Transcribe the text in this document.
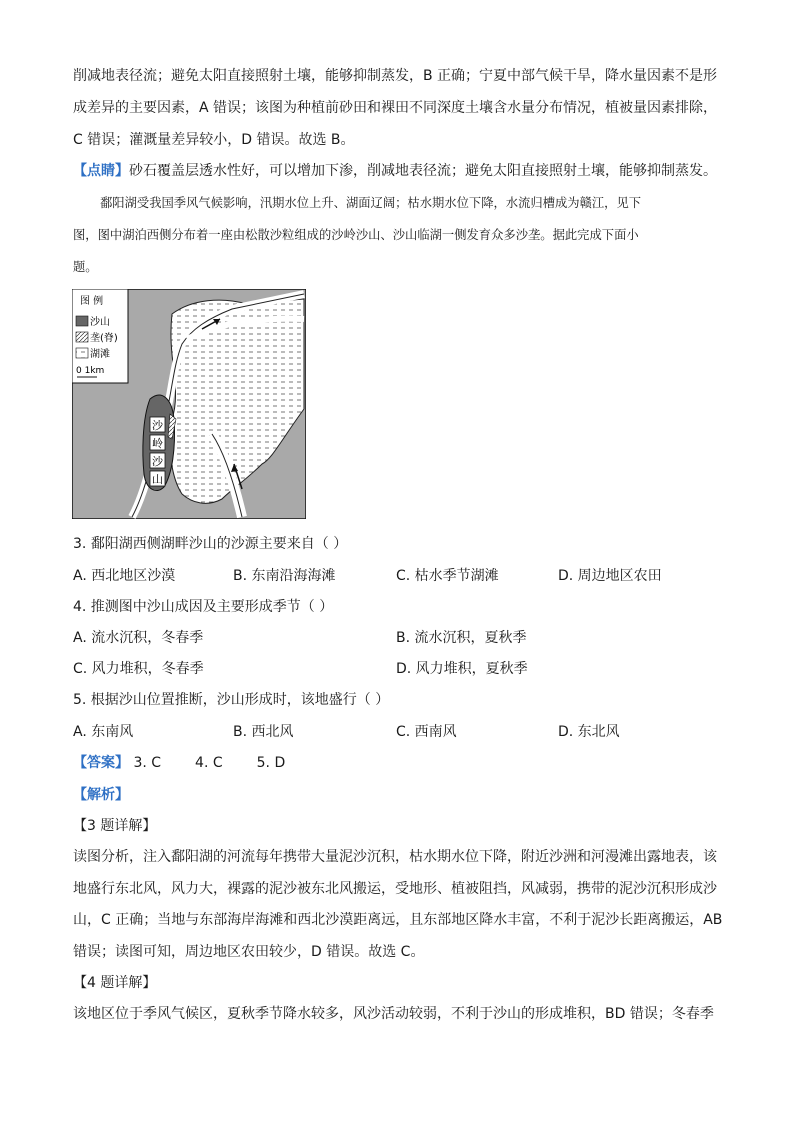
削减地表径流；避免太阳直接照射土壤，能够抑制蒸发，B 正确；宁夏中部气候干旱，降水量因素不是形
成差异的主要因素，A 错误；该图为种植前砂田和裸田不同深度土壤含水量分布情况，植被量因素排除，
C 错误；灌溉量差异较小，D 错误。故选 B。
【点睛】砂石覆盖层透水性好，可以增加下渗，削减地表径流；避免太阳直接照射土壤，能够抑制蒸发。
鄱阳湖受我国季风气候影响，汛期水位上升、湖面辽阔；枯水期水位下降，水流归槽成为赣江，见下
图，图中湖泊西侧分布着一座由松散沙粒组成的沙岭沙山、沙山临湖一侧发育众多沙垄。据此完成下面小
题。
图 例
沙山
垄(脊)
湖滩
0 1km
沙
岭
沙
山
3. 鄱阳湖西侧湖畔沙山的沙源主要来自（ ）
A. 西北地区沙漠	B. 东南沿海海滩	C. 枯水季节湖滩	D. 周边地区农田
4. 推测图中沙山成因及主要形成季节（ ）
A. 流水沉积，冬春季	B. 流水沉积，夏秋季
C. 风力堆积，冬春季	D. 风力堆积，夏秋季
5. 根据沙山位置推断，沙山形成时，该地盛行（ ）
A. 东南风	B. 西北风	C. 西南风	D. 东北风
【答案】 3. C 4. C 5. D
【解析】
【3 题详解】
读图分析，注入鄱阳湖的河流每年携带大量泥沙沉积，枯水期水位下降，附近沙洲和河漫滩出露地表，该
地盛行东北风，风力大，裸露的泥沙被东北风搬运，受地形、植被阻挡，风减弱，携带的泥沙沉积形成沙
山，C 正确；当地与东部海岸海滩和西北沙漠距离远，且东部地区降水丰富，不利于泥沙长距离搬运，AB
错误；读图可知，周边地区农田较少，D 错误。故选 C。
【4 题详解】
该地区位于季风气候区，夏秋季节降水较多，风沙活动较弱，不利于沙山的形成堆积，BD 错误；冬春季
